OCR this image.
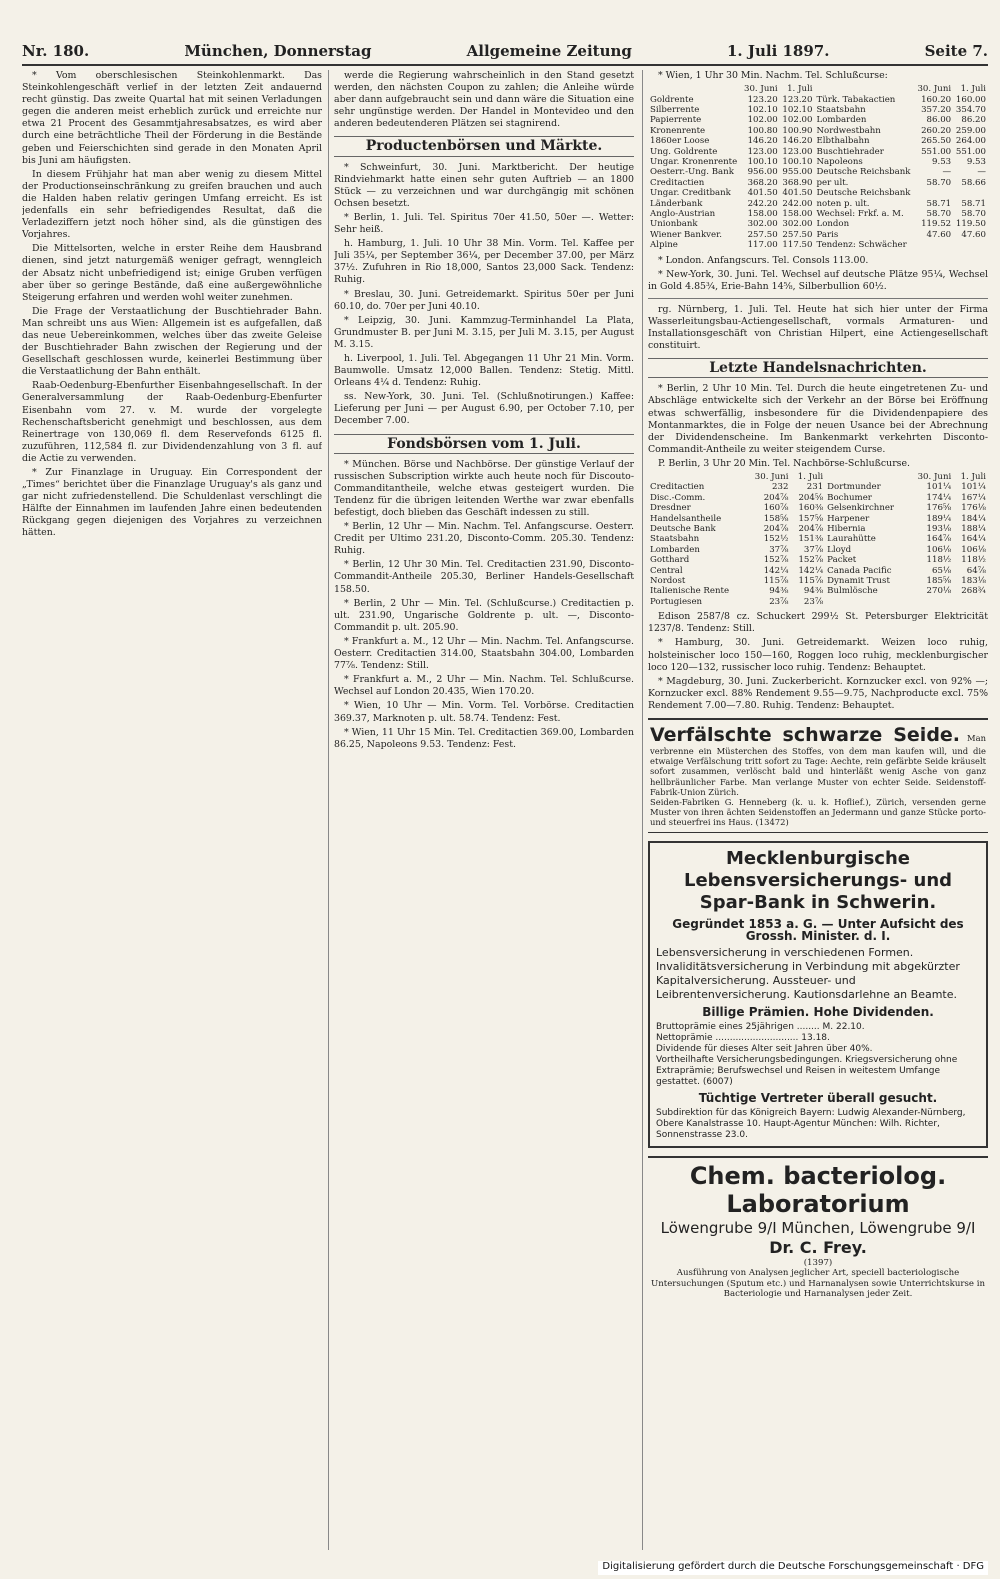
Nr. 180.	München, Donnerstag	Allgemeine Zeitung	1. Juli 1897.	Seite 7.

* Vom oberschlesischen Steinkohlenmarkt. Das Steinkohlengeschäft verlief in der letzten Zeit andauernd recht günstig. Das zweite Quartal hat mit seinen Verladungen gegen die anderen meist erheblich zurück und erreichte nur etwa 21 Procent des Gesammtjahresabsatzes, es wird aber durch eine beträchtliche Theil der Förderung in die Bestände geben und Feierschichten sind gerade in den Monaten April bis Juni am häufigsten.

In diesem Frühjahr hat man aber wenig zu diesem Mittel der Productionseinschränkung zu greifen brauchen und auch die Halden haben relativ geringen Umfang erreicht. Es ist jedenfalls ein sehr befriedigendes Resultat, daß die Verladeziffern jetzt noch höher sind, als die günstigen des Vorjahres.

Die Mittelsorten, welche in erster Reihe dem Hausbrand dienen, sind jetzt naturgemäß weniger gefragt, wenngleich der Absatz nicht unbefriedigend ist; einige Gruben verfügen aber über so geringe Bestände, daß eine außergewöhnliche Steigerung erfahren und werden wohl weiter zunehmen.

Die Frage der Verstaatlichung der Buschtiehrader Bahn. Man schreibt uns aus Wien: Allgemein ist es aufgefallen, daß das neue Uebereinkommen, welches über das zweite Geleise der Buschtiehrader Bahn zwischen der Regierung und der Gesellschaft geschlossen wurde, keinerlei Bestimmung über die Verstaatlichung der Bahn enthält.

Raab-Oedenburg-Ebenfurther Eisenbahngesellschaft. In der Generalversammlung der Raab-Oedenburg-Ebenfurter Eisenbahn vom 27. v. M. wurde der vorgelegte Rechenschaftsbericht genehmigt und beschlossen, aus dem Reinertrage von 130,069 fl. dem Reservefonds 6125 fl. zuzuführen, 112,584 fl. zur Dividendenzahlung von 3 fl. auf die Actie zu verwenden.

* Zur Finanzlage in Uruguay. Ein Correspondent der „Times“ berichtet über die Finanzlage Uruguay's als ganz und gar nicht zufriedenstellend. Die Schuldenlast verschlingt die Hälfte der Einnahmen im laufenden Jahre einen bedeutenden Rückgang gegen diejenigen des Vorjahres zu verzeichnen hätten.

werde die Regierung wahrscheinlich in den Stand gesetzt werden, den nächsten Coupon zu zahlen; die Anleihe würde aber dann aufgebraucht sein und dann wäre die Situation eine sehr ungünstige werden. Der Handel in Montevideo und den anderen bedeutenderen Plätzen sei stagnirend.

Productenbörsen und Märkte.

* Schweinfurt, 30. Juni. Marktbericht. Der heutige Rindviehmarkt hatte einen sehr guten Auftrieb — an 1800 Stück — zu verzeichnen und war durchgängig mit schönen Ochsen besetzt.

* Berlin, 1. Juli. Tel. Spiritus 70er 41.50, 50er —. Wetter: Sehr heiß.

h. Hamburg, 1. Juli. 10 Uhr 38 Min. Vorm. Tel. Kaffee per Juli 35¼, per September 36¼, per December 37.00, per März 37½. Zufuhren in Rio 18,000, Santos 23,000 Sack. Tendenz: Ruhig.

* Breslau, 30. Juni. Getreidemarkt. Spiritus 50er per Juni 60.10, do. 70er per Juni 40.10.

* Leipzig, 30. Juni. Kammzug-Terminhandel La Plata, Grundmuster B. per Juni M. 3.15, per Juli M. 3.15, per August M. 3.15.

h. Liverpool, 1. Juli. Tel. Abgegangen 11 Uhr 21 Min. Vorm. Baumwolle. Umsatz 12,000 Ballen. Tendenz: Stetig. Mittl. Orleans 4¼ d. Tendenz: Ruhig.

ss. New-York, 30. Juni. Tel. (Schlußnotirungen.) Kaffee: Lieferung per Juni — per August 6.90, per October 7.10, per December 7.00.

Fondsbörsen vom 1. Juli.

* München. Börse und Nachbörse. Der günstige Verlauf der russischen Subscription wirkte auch heute noch für Discouto-Commanditantheile, welche etwas gesteigert wurden. Die Tendenz für die übrigen leitenden Werthe war zwar ebenfalls befestigt, doch blieben das Geschäft indessen zu still.

* Berlin, 12 Uhr — Min. Nachm. Tel. Anfangscurse. Oesterr. Credit per Ultimo 231.20, Disconto-Comm. 205.30. Tendenz: Ruhig.

* Berlin, 12 Uhr 30 Min. Tel. Creditactien 231.90, Disconto-Commandit-Antheile 205.30, Berliner Handels-Gesellschaft 158.50.

* Berlin, 2 Uhr — Min. Tel. (Schlußcurse.) Creditactien p. ult. 231.90, Ungarische Goldrente p. ult. —, Disconto-Commandit p. ult. 205.90.

* Frankfurt a. M., 12 Uhr — Min. Nachm. Tel. Anfangscurse. Oesterr. Creditactien 314.00, Staatsbahn 304.00, Lombarden 77⅞. Tendenz: Still.

* Frankfurt a. M., 2 Uhr — Min. Nachm. Tel. Schlußcurse. Wechsel auf London 20.435, Wien 170.20.

* Wien, 10 Uhr — Min. Vorm. Tel. Vorbörse. Creditactien 369.37, Marknoten p. ult. 58.74. Tendenz: Fest.

* Wien, 11 Uhr 15 Min. Tel. Creditactien 369.00, Lombarden 86.25, Napoleons 9.53. Tendenz: Fest.

* Wien, 1 Uhr 30 Min. Nachm. Tel. Schlußcurse:

	30. Juni	1. Juli		30. Juni	1. Juli
Goldrente	123.20	123.20	Türk. Tabakactien	160.20	160.00
Silberrente	102.10	102.10	Staatsbahn	357.20	354.70
Papierrente	102.00	102.00	Lombarden	86.00	86.20
Kronenrente	100.80	100.90	Nordwestbahn	260.20	259.00
1860er Loose	146.20	146.20	Elbthalbahn	265.50	264.00
Ung. Goldrente	123.00	123.00	Buschtiehrader	551.00	551.00
Ungar. Kronenrente	100.10	100.10	Napoleons	9.53	9.53
Oesterr.-Ung. Bank	956.00	955.00	Deutsche Reichsbank	—	—
Creditactien	368.20	368.90	per ult.	58.70	58.66
Ungar. Creditbank	401.50	401.50	Deutsche Reichsbank		
Länderbank	242.20	242.00	noten p. ult.	58.71	58.71
Anglo-Austrian	158.00	158.00	Wechsel: Frkf. a. M.	58.70	58.70
Unionbank	302.00	302.00	London	119.52	119.50
Wiener Bankver.	257.50	257.50	Paris	47.60	47.60
Alpine	117.00	117.50	Tendenz: Schwächer		

* London. Anfangscurs. Tel. Consols 113.00.

* New-York, 30. Juni. Tel. Wechsel auf deutsche Plätze 95¼, Wechsel in Gold 4.85¾, Erie-Bahn 14⅝, Silberbullion 60½.

rg. Nürnberg, 1. Juli. Tel. Heute hat sich hier unter der Firma Wasserleitungsbau-Actiengesellschaft, vormals Armaturen- und Installationsgeschäft von Christian Hilpert, eine Actiengesellschaft constituirt.

Letzte Handelsnachrichten.

* Berlin, 2 Uhr 10 Min. Tel. Durch die heute eingetretenen Zu- und Abschläge entwickelte sich der Verkehr an der Börse bei Eröffnung etwas schwerfällig, insbesondere für die Dividendenpapiere des Montanmarktes, die in Folge der neuen Usance bei der Abrechnung der Dividendenscheine. Im Bankenmarkt verkehrten Disconto-Commandit-Antheile zu weiter steigendem Curse.

P. Berlin, 3 Uhr 20 Min. Tel. Nachbörse-Schlußcurse.

	30. Juni	1. Juli		30. Juni	1. Juli
Creditactien	232	231	Dortmunder	101¼	101¼
Disc.-Comm.	204⅞	204⅝	Bochumer	174¼	167¼
Dresdner	160⅞	160⅜	Gelsenkirchner	176⅝	176⅛
Handelsantheile	158⅝	157⅝	Harpener	189¼	184¼
Deutsche Bank	204⅞	204⅞	Hibernia	193⅛	188¼
Staatsbahn	152½	151⅜	Laurahütte	164⅞	164¼
Lombarden	37⅞	37⅞	Lloyd	106⅛	106⅛
Gotthard	152⅞	152⅞	Packet	118½	118½
Central	142¼	142¼	Canada Pacific	65⅛	64⅞
Nordost	115⅞	115⅞	Dynamit Trust	185⅝	183⅛
Italienische Rente	94⅜	94⅜	Bulmlösche	270⅛	268¾
Portugiesen	23⅞	23⅞			

Edison 2587/8 cz. Schuckert 299½ St. Petersburger Elektricität 1237/8. Tendenz: Still.

* Hamburg, 30. Juni. Getreidemarkt. Weizen loco ruhig, holsteinischer loco 150—160, Roggen loco ruhig, mecklenburgischer loco 120—132, russischer loco ruhig. Tendenz: Behauptet.

* Magdeburg, 30. Juni. Zuckerbericht. Kornzucker excl. von 92% —; Kornzucker excl. 88% Rendement 9.55—9.75, Nachproducte excl. 75% Rendement 7.00—7.80. Ruhig. Tendenz: Behauptet.

Verfälschte schwarze Seide. Man verbrenne ein Müsterchen des Stoffes, von dem man kaufen will, und die etwaige Verfälschung tritt sofort zu Tage: Aechte, rein gefärbte Seide kräuselt sofort zusammen, verlöscht bald und hinterläßt wenig Asche von ganz hellbräunlicher Farbe. Man verlange Muster von echter Seide. Seidenstoff-Fabrik-Union Zürich.
Seiden-Fabriken G. Henneberg (k. u. k. Hoflief.), Zürich, versenden gerne Muster von ihren ächten Seidenstoffen an Jedermann und ganze Stücke porto- und steuerfrei ins Haus. (13472)
Mecklenburgische Lebensversicherungs- und
Spar-Bank in Schwerin.
Gegründet 1853 a. G. — Unter Aufsicht des Grossh. Minister. d. I.
Lebensversicherung in verschiedenen Formen. Invaliditätsversicherung in Verbindung mit abgekürzter Kapitalversicherung. Aussteuer- und Leibrentenversicherung. Kautionsdarlehne an Beamte.
Billige Prämien. Hohe Dividenden.
Bruttoprämie eines 25jährigen ........ M. 22.10.
Nettoprämie ............................. 13.18.
Dividende für dieses Alter seit Jahren über 40%.
Vortheilhafte Versicherungsbedingungen. Kriegsversicherung ohne Extraprämie; Berufswechsel und Reisen in weitestem Umfange gestattet. (6007)
Tüchtige Vertreter überall gesucht.
Subdirektion für das Königreich Bayern: Ludwig Alexander-Nürnberg, Obere Kanalstrasse 10. Haupt-Agentur München: Wilh. Richter, Sonnenstrasse 23.0.
Chem. bacteriolog. Laboratorium
Löwengrube 9/I München, Löwengrube 9/I
Dr. C. Frey.
(1397)
Ausführung von Analysen jeglicher Art, speciell bacteriologische Untersuchungen (Sputum etc.) und Harnanalysen sowie Unterrichtskurse in Bacteriologie und Harnanalysen jeder Zeit.
Digitalisierung gefördert durch die Deutsche Forschungsgemeinschaft · DFG
